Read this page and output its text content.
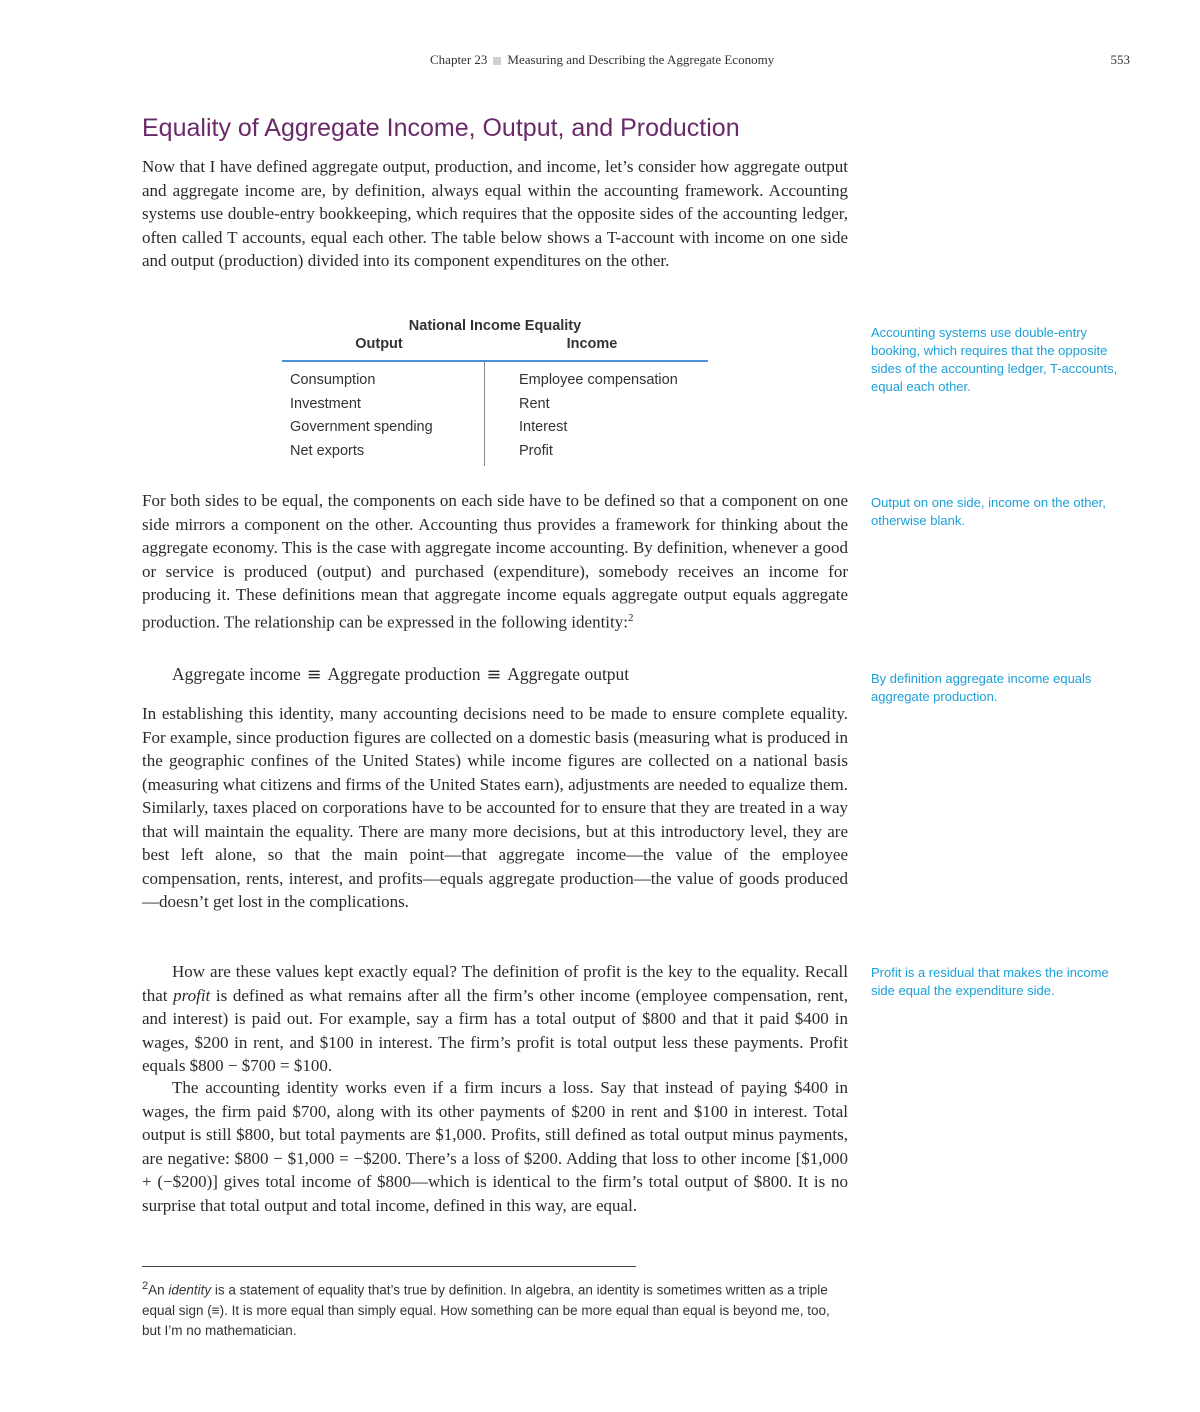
Chapter 23 Measuring and Describing the Aggregate Economy	553
Equality of Aggregate Income, Output, and Production

Now that I have defined aggregate output, production, and income, let’s consider how aggregate output and aggregate income are, by definition, always equal within the accounting framework. Accounting systems use double-entry bookkeeping, which requires that the opposite sides of the accounting ledger, often called T accounts, equal each other. The table below shows a T-account with income on one side and output (production) divided into its component expenditures on the other.

National Income Equality
Output	Income
Consumption
Investment
Government spending
Net exports
Employee compensation
Rent
Interest
Profit

For both sides to be equal, the components on each side have to be defined so that a component on one side mirrors a component on the other. Accounting thus provides a framework for thinking about the aggregate economy. This is the case with aggregate income accounting. By definition, whenever a good or service is produced (output) and purchased (expenditure), somebody receives an income for producing it. These definitions mean that aggregate income equals aggregate output equals aggregate production. The relationship can be expressed in the following identity:$^2$

Aggregate income ≡ Aggregate production ≡ Aggregate output

In establishing this identity, many accounting decisions need to be made to ensure complete equality. For example, since production figures are collected on a domestic basis (measuring what is produced in the geographic confines of the United States) while income figures are collected on a national basis (measuring what citizens and firms of the United States earn), adjustments are needed to equalize them. Similarly, taxes placed on corporations have to be accounted for to ensure that they are treated in a way that will maintain the equality. There are many more decisions, but at this introductory level, they are best left alone, so that the main point—that aggregate income—the value of the employee compensation, rents, interest, and profits—equals aggregate production—the value of goods produced—doesn’t get lost in the complications.

How are these values kept exactly equal? The definition of profit is the key to the equality. Recall that profit is defined as what remains after all the firm’s other income (employee compensation, rent, and interest) is paid out. For example, say a firm has a total output of $800 and that it paid $400 in wages, $200 in rent, and $100 in interest. The firm’s profit is total output less these payments. Profit equals $800 − $700 = $100.

The accounting identity works even if a firm incurs a loss. Say that instead of paying $400 in wages, the firm paid $700, along with its other payments of $200 in rent and $100 in interest. Total output is still $800, but total payments are $1,000. Profits, still defined as total output minus payments, are negative: $800 − $1,000 = −$200. There’s a loss of $200. Adding that loss to other income [$1,000 + (−$200)] gives total income of $800—which is identical to the firm’s total output of $800. It is no surprise that total output and total income, defined in this way, are equal.

Accounting systems use double-entry booking, which requires that the opposite sides of the accounting ledger, T-accounts, equal each other.

Output on one side, income on the other, otherwise blank.

By definition aggregate income equals aggregate production.

Profit is a residual that makes the income side equal the expenditure side.

$^2$An identity is a statement of equality that’s true by definition. In algebra, an identity is sometimes written as a triple equal sign (≡). It is more equal than simply equal. How something can be more equal than equal is beyond me, too, but I’m no mathematician.
